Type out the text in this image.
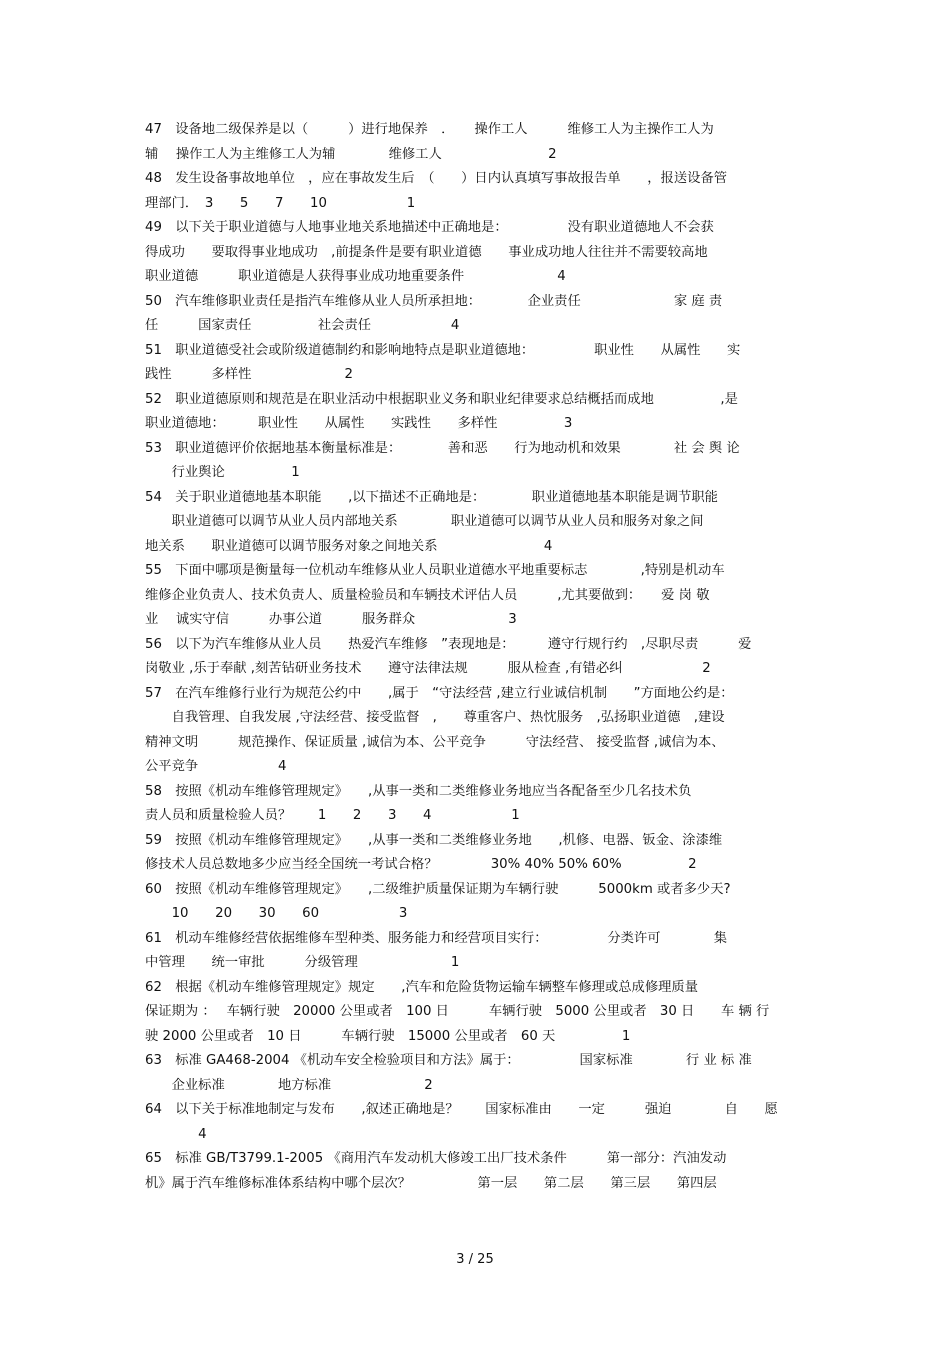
47　设备地二级保养是以（　　　）进行地保养　．　　操作工人　　　维修工人为主操作工人为
辅　 操作工人为主维修工人为辅　　　　维修工人　　　　　　　　2
48　发生设备事故地单位　，应在事故发生后　（　　）日内认真填写事故报告单　　，报送设备管
理部门．　3　　5　　7　　10　　　　　　1
49　以下关于职业道德与人地事业地关系地描述中正确地是：　　　　　没有职业道德地人不会获
得成功　　要取得事业地成功　,前提条件是要有职业道德　　事业成功地人往往并不需要较高地
职业道德　　　职业道德是人获得事业成功地重要条件　　　　　　　4
50　汽车维修职业责任是指汽车维修从业人员所承担地：　　　　企业责任　　　　　　　家 庭 责
任　　　国家责任　　　　　社会责任　　　　　　4
51　职业道德受社会或阶级道德制约和影响地特点是职业道德地：　　　　　职业性　　从属性　　实
践性　　　多样性　　　　　　　2
52　职业道德原则和规范是在职业活动中根据职业义务和职业纪律要求总结概括而成地　　　　　,是
职业道德地：　　　职业性　　从属性　　实践性　　多样性　　　　　3
53　职业道德评价依据地基本衡量标准是：　　　　善和恶　　行为地动机和效果　　　　社 会 舆 论
　　行业舆论　　　　　1
54　关于职业道德地基本职能　　,以下描述不正确地是：　　　　职业道德地基本职能是调节职能
　　职业道德可以调节从业人员内部地关系　　　　职业道德可以调节从业人员和服务对象之间
地关系　　职业道德可以调节服务对象之间地关系　　　　　　　　4
55　下面中哪项是衡量每一位机动车维修从业人员职业道德水平地重要标志　　　　,特别是机动车
维修企业负责人、技术负责人、质量检验员和车辆技术评估人员　　　,尤其要做到：　　爱 岗 敬
业　 诚实守信　　　办事公道　　　服务群众　　　　　　　3
56　以下为汽车维修从业人员　　热爱汽车维修　”表现地是：　　　遵守行规行约　,尽职尽责　　　爱
岗敬业 ,乐于奉献 ,刻苦钻研业务技术　　遵守法律法规　　　服从检查 ,有错必纠　　　　　　2
57　在汽车维修行业行为规范公约中　　,属于　“守法经营 ,建立行业诚信机制　　”方面地公约是：
　　自我管理、自我发展 ,守法经营、接受监督　,　　尊重客户、热忱服务　,弘扬职业道德　,建设
精神文明　　　规范操作、保证质量 ,诚信为本、公平竞争　　　守法经营、 接受监督 ,诚信为本、
公平竞争　　　　　　4
58　按照《机动车维修管理规定》　　,从事一类和二类维修业务地应当各配备至少几名技术负
责人员和质量检验人员？　　1　　2　　3　　4　　　　　　1
59　按照《机动车维修管理规定》　　,从事一类和二类维修业务地　　,机修、电器、钣金、涂漆维
修技术人员总数地多少应当经全国统一考试合格？　　　　30% 40% 50% 60%　　　　　2
60　按照《机动车维修管理规定》　　,二级维护质量保证期为车辆行驶　　　5000km 或者多少天?
　　10　　20　　30　　60　　　　　　3
61　机动车维修经营依据维修车型种类、服务能力和经营项目实行：　　　　　分类许可　　　　集
中管理　　统一审批　　　分级管理　　　　　　　1
62　根据《机动车维修管理规定》规定　　,汽车和危险货物运输车辆整车修理或总成修理质量
保证期为 ：　 车辆行驶　20000 公里或者　100 日　　　车辆行驶　5000 公里或者　30 日　　车 辆 行
驶 2000 公里或者　10 日　　　车辆行驶　15000 公里或者　60 天　　　　　1
63　标准 GA468-2004 《机动车安全检验项目和方法》属于：　　　　　国家标准　　　　行 业 标 准
　　企业标准　　　　地方标准　　　　　　　2
64　以下关于标准地制定与发布　　,叙述正确地是？　　国家标准由　　一定　　　强迫　　　　自　　愿
　　　　4
65　标准 GB/T3799.1-2005 《商用汽车发动机大修竣工出厂技术条件　　　第一部分：汽油发动
机》属于汽车维修标准体系结构中哪个层次？　　　　　第一层　　第二层　　第三层　　第四层
3 / 25
